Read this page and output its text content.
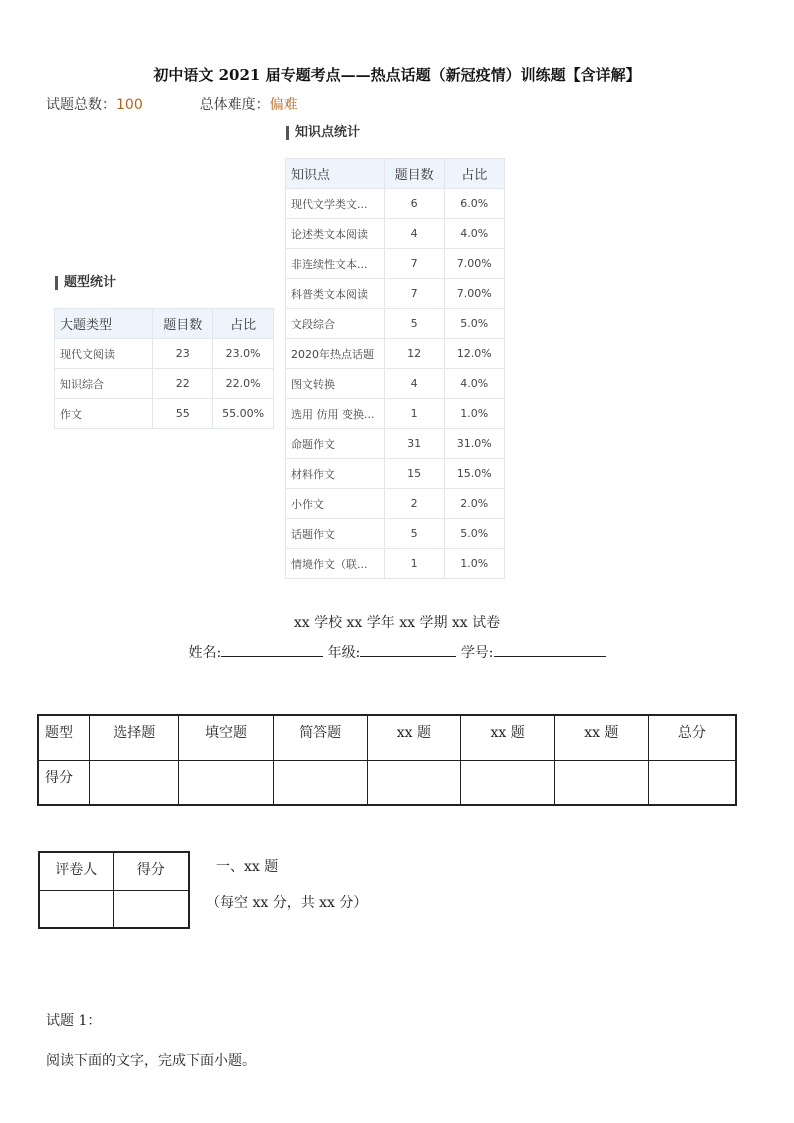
初中语文 2021 届专题考点——热点话题（新冠疫情）训练题【含详解】
试题总数：100	总体难度：偏难
知识点统计
知识点	题目数	占比
现代文学类文...	6	6.0%
论述类文本阅读	4	4.0%
非连续性文本...	7	7.00%
科普类文本阅读	7	7.00%
文段综合	5	5.0%
2020年热点话题	12	12.0%
图文转换	4	4.0%
选用 仿用 变换...	1	1.0%
命题作文	31	31.0%
材料作文	15	15.0%
小作文	2	2.0%
话题作文	5	5.0%
情境作文（联...	1	1.0%
题型统计
大题类型	题目数	占比
现代文阅读	23	23.0%
知识综合	22	22.0%
作文	55	55.00%
xx 学校 xx 学年 xx 学期 xx 试卷
姓名:	年级:	学号:
题型	选择题	填空题	简答题	xx 题	xx 题	xx 题	总分
得分							
评卷人	得分
		一、xx 题
（每空 xx 分，共 xx 分）
试题 1：
阅读下面的文字，完成下面小题。
